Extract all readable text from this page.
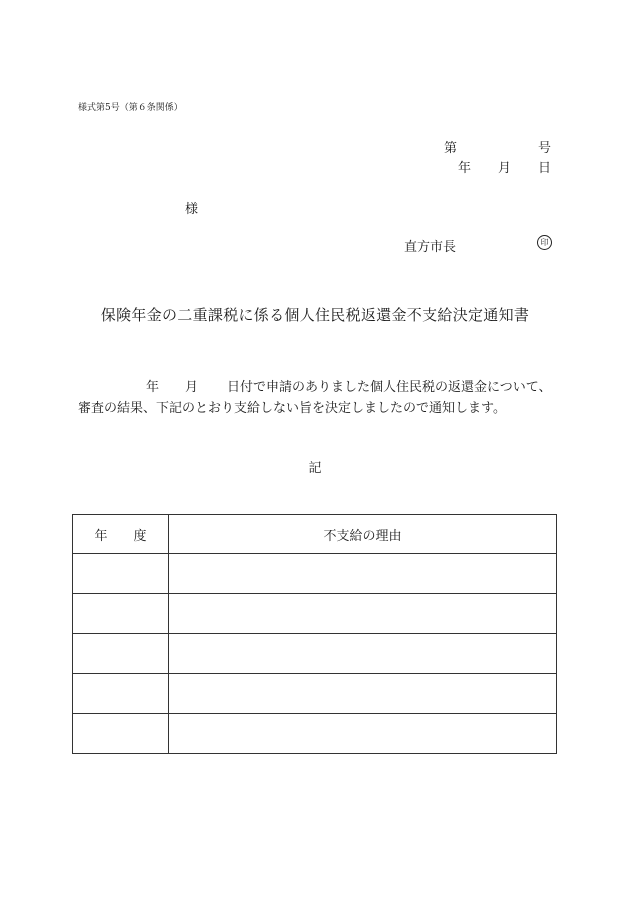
様式第5号（第６条関係）
第	号
年 月 日
様
直方市長	印
保険年金の二重課税に係る個人住民税返還金不支給決定通知書
年 月 日付で申請のありました個人住民税の返還金について、
審査の結果、下記のとおり支給しない旨を決定しましたので通知します。
記
年　　度	不支給の理由
